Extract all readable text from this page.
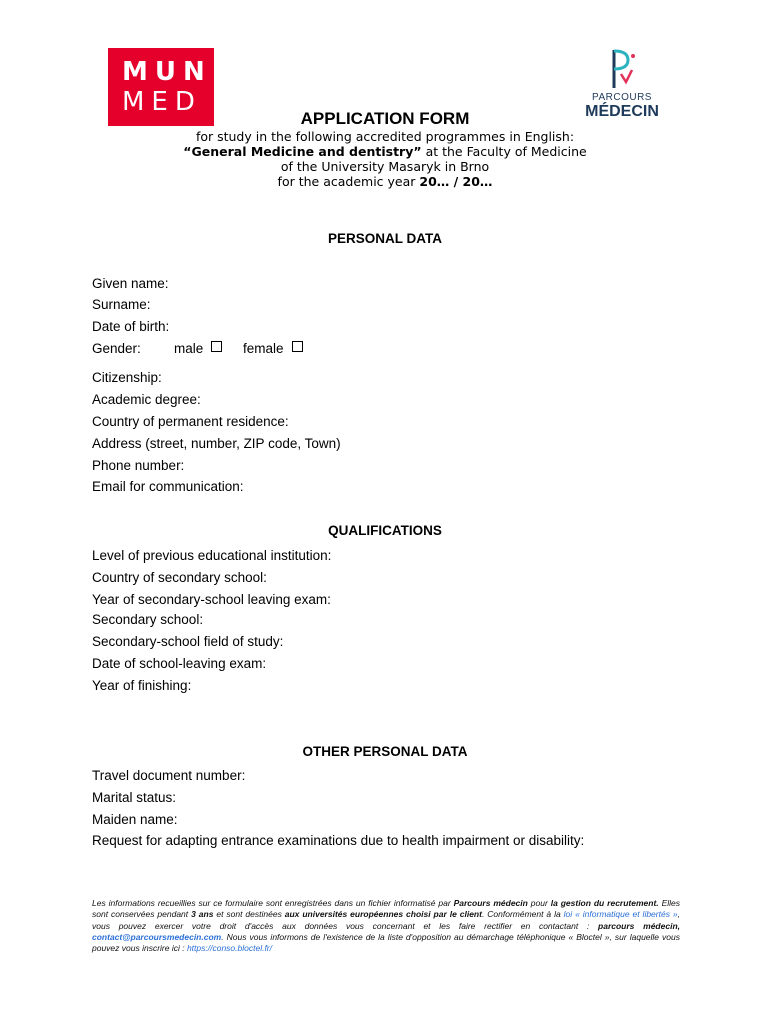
MUNI
MED	PARCOURS
MÉDECIN
APPLICATION FORM
for study in the following accredited programmes in English:
“General Medicine and dentistry” at the Faculty of Medicine
of the University Masaryk in Brno
for the academic year 20… / 20…
PERSONAL DATA
Given name:
Surname:
Date of birth:
Gender: male	female
Citizenship:
Academic degree:
Country of permanent residence:
Address (street, number, ZIP code, Town)
Phone number:
Email for communication:
QUALIFICATIONS
Level of previous educational institution:
Country of secondary school:
Year of secondary-school leaving exam:
Secondary school:
Secondary-school field of study:
Date of school-leaving exam:
Year of finishing:
OTHER PERSONAL DATA
Travel document number:
Marital status:
Maiden name:
Request for adapting entrance examinations due to health impairment or disability:
Les informations recueillies sur ce formulaire sont enregistrées dans un fichier informatisé par Parcours médecin pour la gestion du recrutement. Elles sont conservées pendant 3 ans et sont destinées aux universités européennes choisi par le client. Conformément à la loi « informatique et libertés », vous pouvez exercer votre droit d'accès aux données vous concernant et les faire rectifier en contactant : parcours médecin, contact@parcoursmedecin.com. Nous vous informons de l'existence de la liste d'opposition au démarchage téléphonique « Bloctel », sur laquelle vous pouvez vous inscrire ici : https://conso.bloctel.fr/
